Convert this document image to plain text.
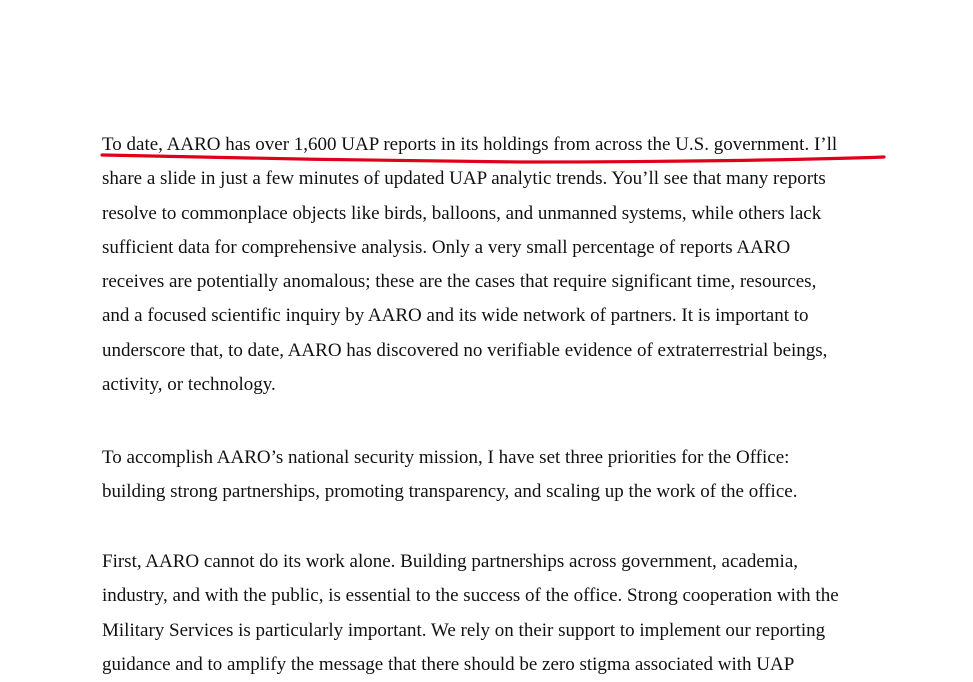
To date, AARO has over 1,600 UAP reports in its holdings from across the U.S. government. I’ll
share a slide in just a few minutes of updated UAP analytic trends. You’ll see that many reports
resolve to commonplace objects like birds, balloons, and unmanned systems, while others lack
sufficient data for comprehensive analysis. Only a very small percentage of reports AARO
receives are potentially anomalous; these are the cases that require significant time, resources,
and a focused scientific inquiry by AARO and its wide network of partners. It is important to
underscore that, to date, AARO has discovered no verifiable evidence of extraterrestrial beings,
activity, or technology.

To accomplish AARO’s national security mission, I have set three priorities for the Office:
building strong partnerships, promoting transparency, and scaling up the work of the office.

First, AARO cannot do its work alone. Building partnerships across government, academia,
industry, and with the public, is essential to the success of the office. Strong cooperation with the
Military Services is particularly important. We rely on their support to implement our reporting
guidance and to amplify the message that there should be zero stigma associated with UAP
